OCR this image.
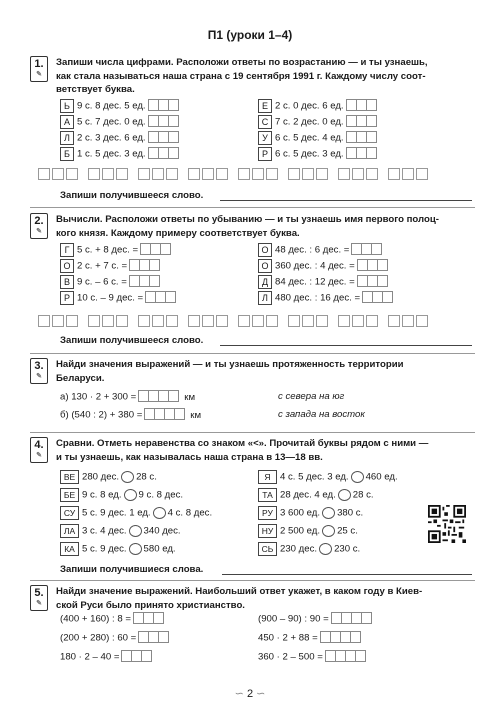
П1 (уроки 1–4)
1.
✎
Запиши числа цифрами. Расположи ответы по возрастанию — и ты узнаешь,
как стала называться наша страна с 19 сентября 1991 г. Каждому числу соот-
ветствует буква.
Ь 9 с. 8 дес. 5 ед.
А 5 с. 7 дес. 0 ед.
Л 2 с. 3 дес. 6 ед.
Б 1 с. 5 дес. 3 ед.
Е 2 с. 0 дес. 6 ед.
С 7 с. 2 дес. 0 ед.
У 6 с. 5 дес. 4 ед.
Р 6 с. 5 дес. 3 ед.
Запиши получившееся слово.
2.
✎
Вычисли. Расположи ответы по убыванию — и ты узнаешь имя первого полоц-
кого князя. Каждому примеру соответствует буква.
Г 5 с. + 8 дес. =
О 2 с. + 7 с. =
В 9 с. – 6 с. =
Р 10 с. – 9 дес. =
О 48 дес. : 6 дес. =
О 360 дес. : 4 дес. =
Д 84 дес. : 12 дес. =
Л 480 дес. : 16 дес. =
Запиши получившееся слово.
3.
✎
Найди значения выражений — и ты узнаешь протяженность территории
Беларуси.
а) 130 · 2 + 300 =	км	с севера на юг
б) (540 : 2) + 380 =	км	с запада на восток
4.
✎
Сравни. Отметь неравенства со знаком «<». Прочитай буквы рядом с ними —
и ты узнаешь, как называлась наша страна в 13—18 вв.
ВЕ 280 дес. 28 с.
БЕ 9 с. 8 ед. 9 с. 8 дес.
СУ 5 с. 9 дес. 1 ед. 4 с. 8 дес.
ЛА 3 с. 4 дес. 340 дес.
КА 5 с. 9 дес. 580 ед.
Я 4 с. 5 дес. 3 ед. 460 ед.
ТА 28 дес. 4 ед. 28 с.
РУ 3 600 ед. 380 с.
НУ 2 500 ед. 25 с.
СЬ 230 дес. 230 с.
Запиши получившиеся слова.
5.
✎
Найди значение выражений. Наибольший ответ укажет, в каком году в Киев-
ской Руси было принято христианство.
(400 + 160) : 8 =
(200 + 280) : 60 =
180 · 2 – 40 =
(900 – 90) : 90 =
450 · 2 + 88 =
360 · 2 – 500 =
∽ 2 ∽
